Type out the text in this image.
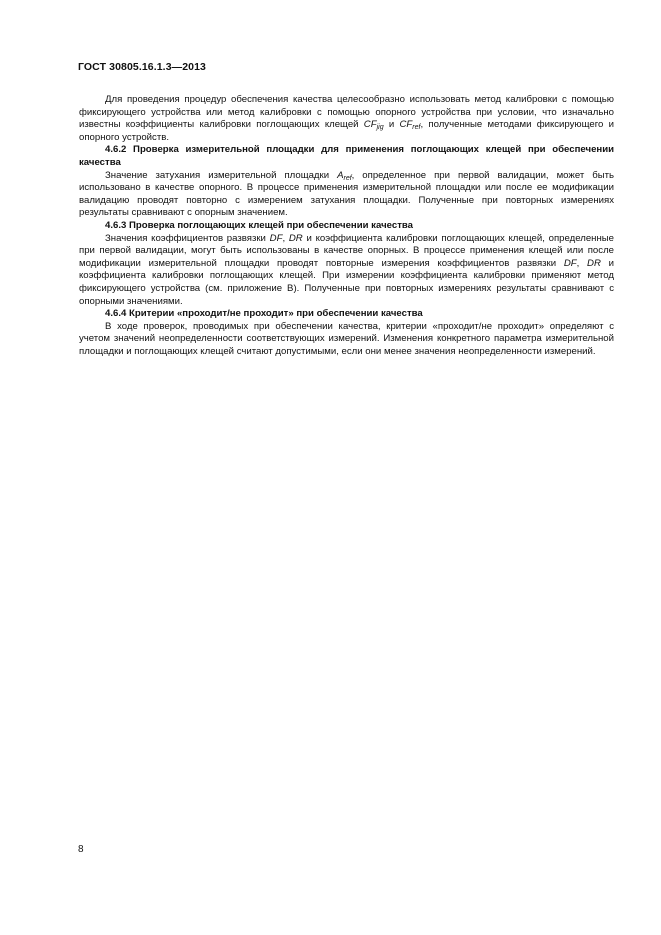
ГОСТ 30805.16.1.3—2013

Для проведения процедур обеспечения качества целесообразно использовать метод калибровки с помощью фиксирующего устройства или метод калибровки с помощью опорного устройства при условии, что изначально известны коэффициенты калибровки поглощающих клещей $CF_{jig}$ и $CF_{ref}$, полученные методами фиксирующего и опорного устройств.

4.6.2 Проверка измерительной площадки для применения поглощающих клещей при обеспечении качества

Значение затухания измерительной площадки $A_{ref}$, определенное при первой валидации, может быть использовано в качестве опорного. В процессе применения измерительной площадки или после ее модификации валидацию проводят повторно с измерением затухания площадки. Полученные при повторных измерениях результаты сравнивают с опорным значением.

4.6.3 Проверка поглощающих клещей при обеспечении качества

Значения коэффициентов развязки DF, DR и коэффициента калибровки поглощающих клещей, определенные при первой валидации, могут быть использованы в качестве опорных. В процессе применения клещей или после модификации измерительной площадки проводят повторные измерения коэффициентов развязки DF, DR и коэффициента калибровки поглощающих клещей. При измерении коэффициента калибровки применяют метод фиксирующего устройства (см. приложение В). Полученные при повторных измерениях результаты сравнивают с опорными значениями.

4.6.4 Критерии «проходит/не проходит» при обеспечении качества

В ходе проверок, проводимых при обеспечении качества, критерии «проходит/не проходит» определяют с учетом значений неопределенности соответствующих измерений. Изменения конкретного параметра измерительной площадки и поглощающих клещей считают допустимыми, если они менее значения неопределенности измерений.

8
